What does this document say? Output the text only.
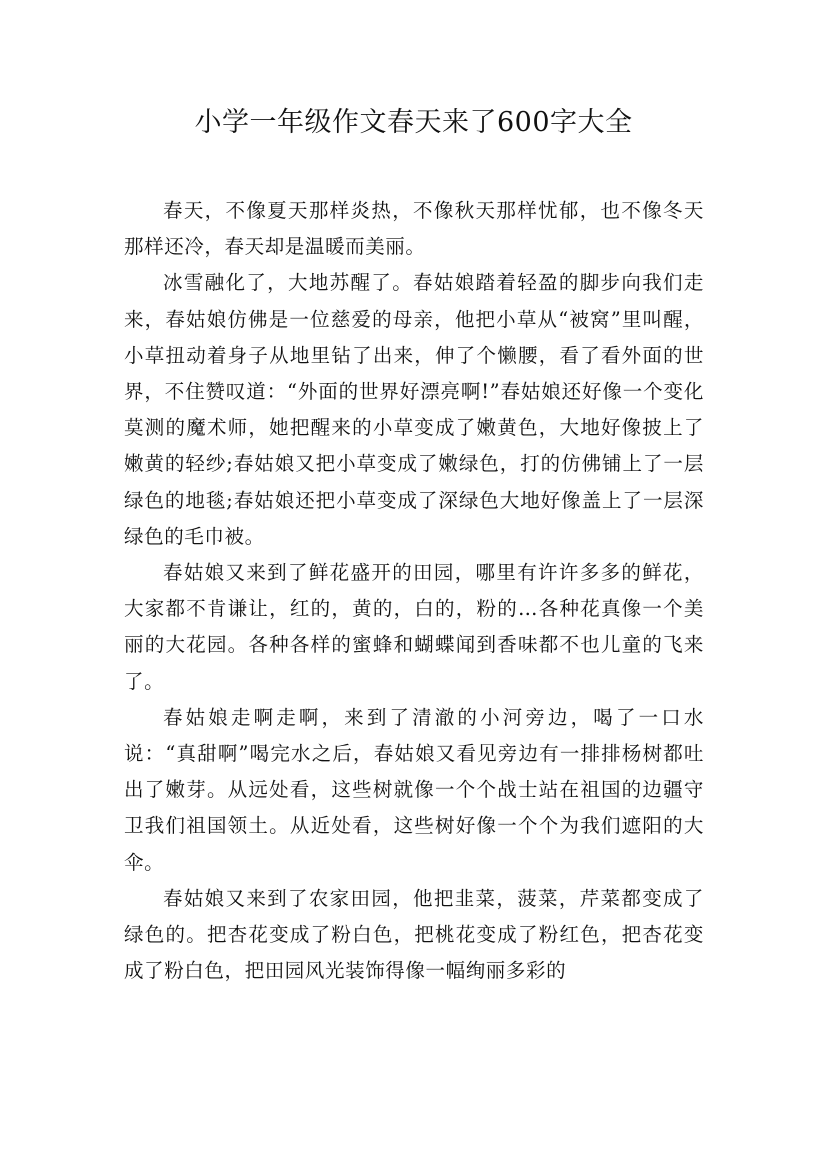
小学一年级作文春天来了600字大全

春天，不像夏天那样炎热，不像秋天那样忧郁，也不像冬天那样还冷，春天却是温暖而美丽。

冰雪融化了，大地苏醒了。春姑娘踏着轻盈的脚步向我们走来，春姑娘仿佛是一位慈爱的母亲，他把小草从“被窝”里叫醒，小草扭动着身子从地里钻了出来，伸了个懒腰，看了看外面的世界，不住赞叹道：“外面的世界好漂亮啊!”春姑娘还好像一个变化莫测的魔术师，她把醒来的小草变成了嫩黄色，大地好像披上了嫩黄的轻纱;春姑娘又把小草变成了嫩绿色，打的仿佛铺上了一层绿色的地毯;春姑娘还把小草变成了深绿色大地好像盖上了一层深绿色的毛巾被。

春姑娘又来到了鲜花盛开的田园，哪里有许许多多的鲜花，大家都不肯谦让，红的，黄的，白的，粉的…各种花真像一个美丽的大花园。各种各样的蜜蜂和蝴蝶闻到香味都不也儿童的飞来了。

春姑娘走啊走啊，来到了清澈的小河旁边，喝了一口水说：“真甜啊”喝完水之后，春姑娘又看见旁边有一排排杨树都吐出了嫩芽。从远处看，这些树就像一个个战士站在祖国的边疆守卫我们祖国领土。从近处看，这些树好像一个个为我们遮阳的大伞。

春姑娘又来到了农家田园，他把韭菜，菠菜，芹菜都变成了绿色的。把杏花变成了粉白色，把桃花变成了粉红色，把杏花变成了粉白色，把田园风光装饰得像一幅绚丽多彩的
